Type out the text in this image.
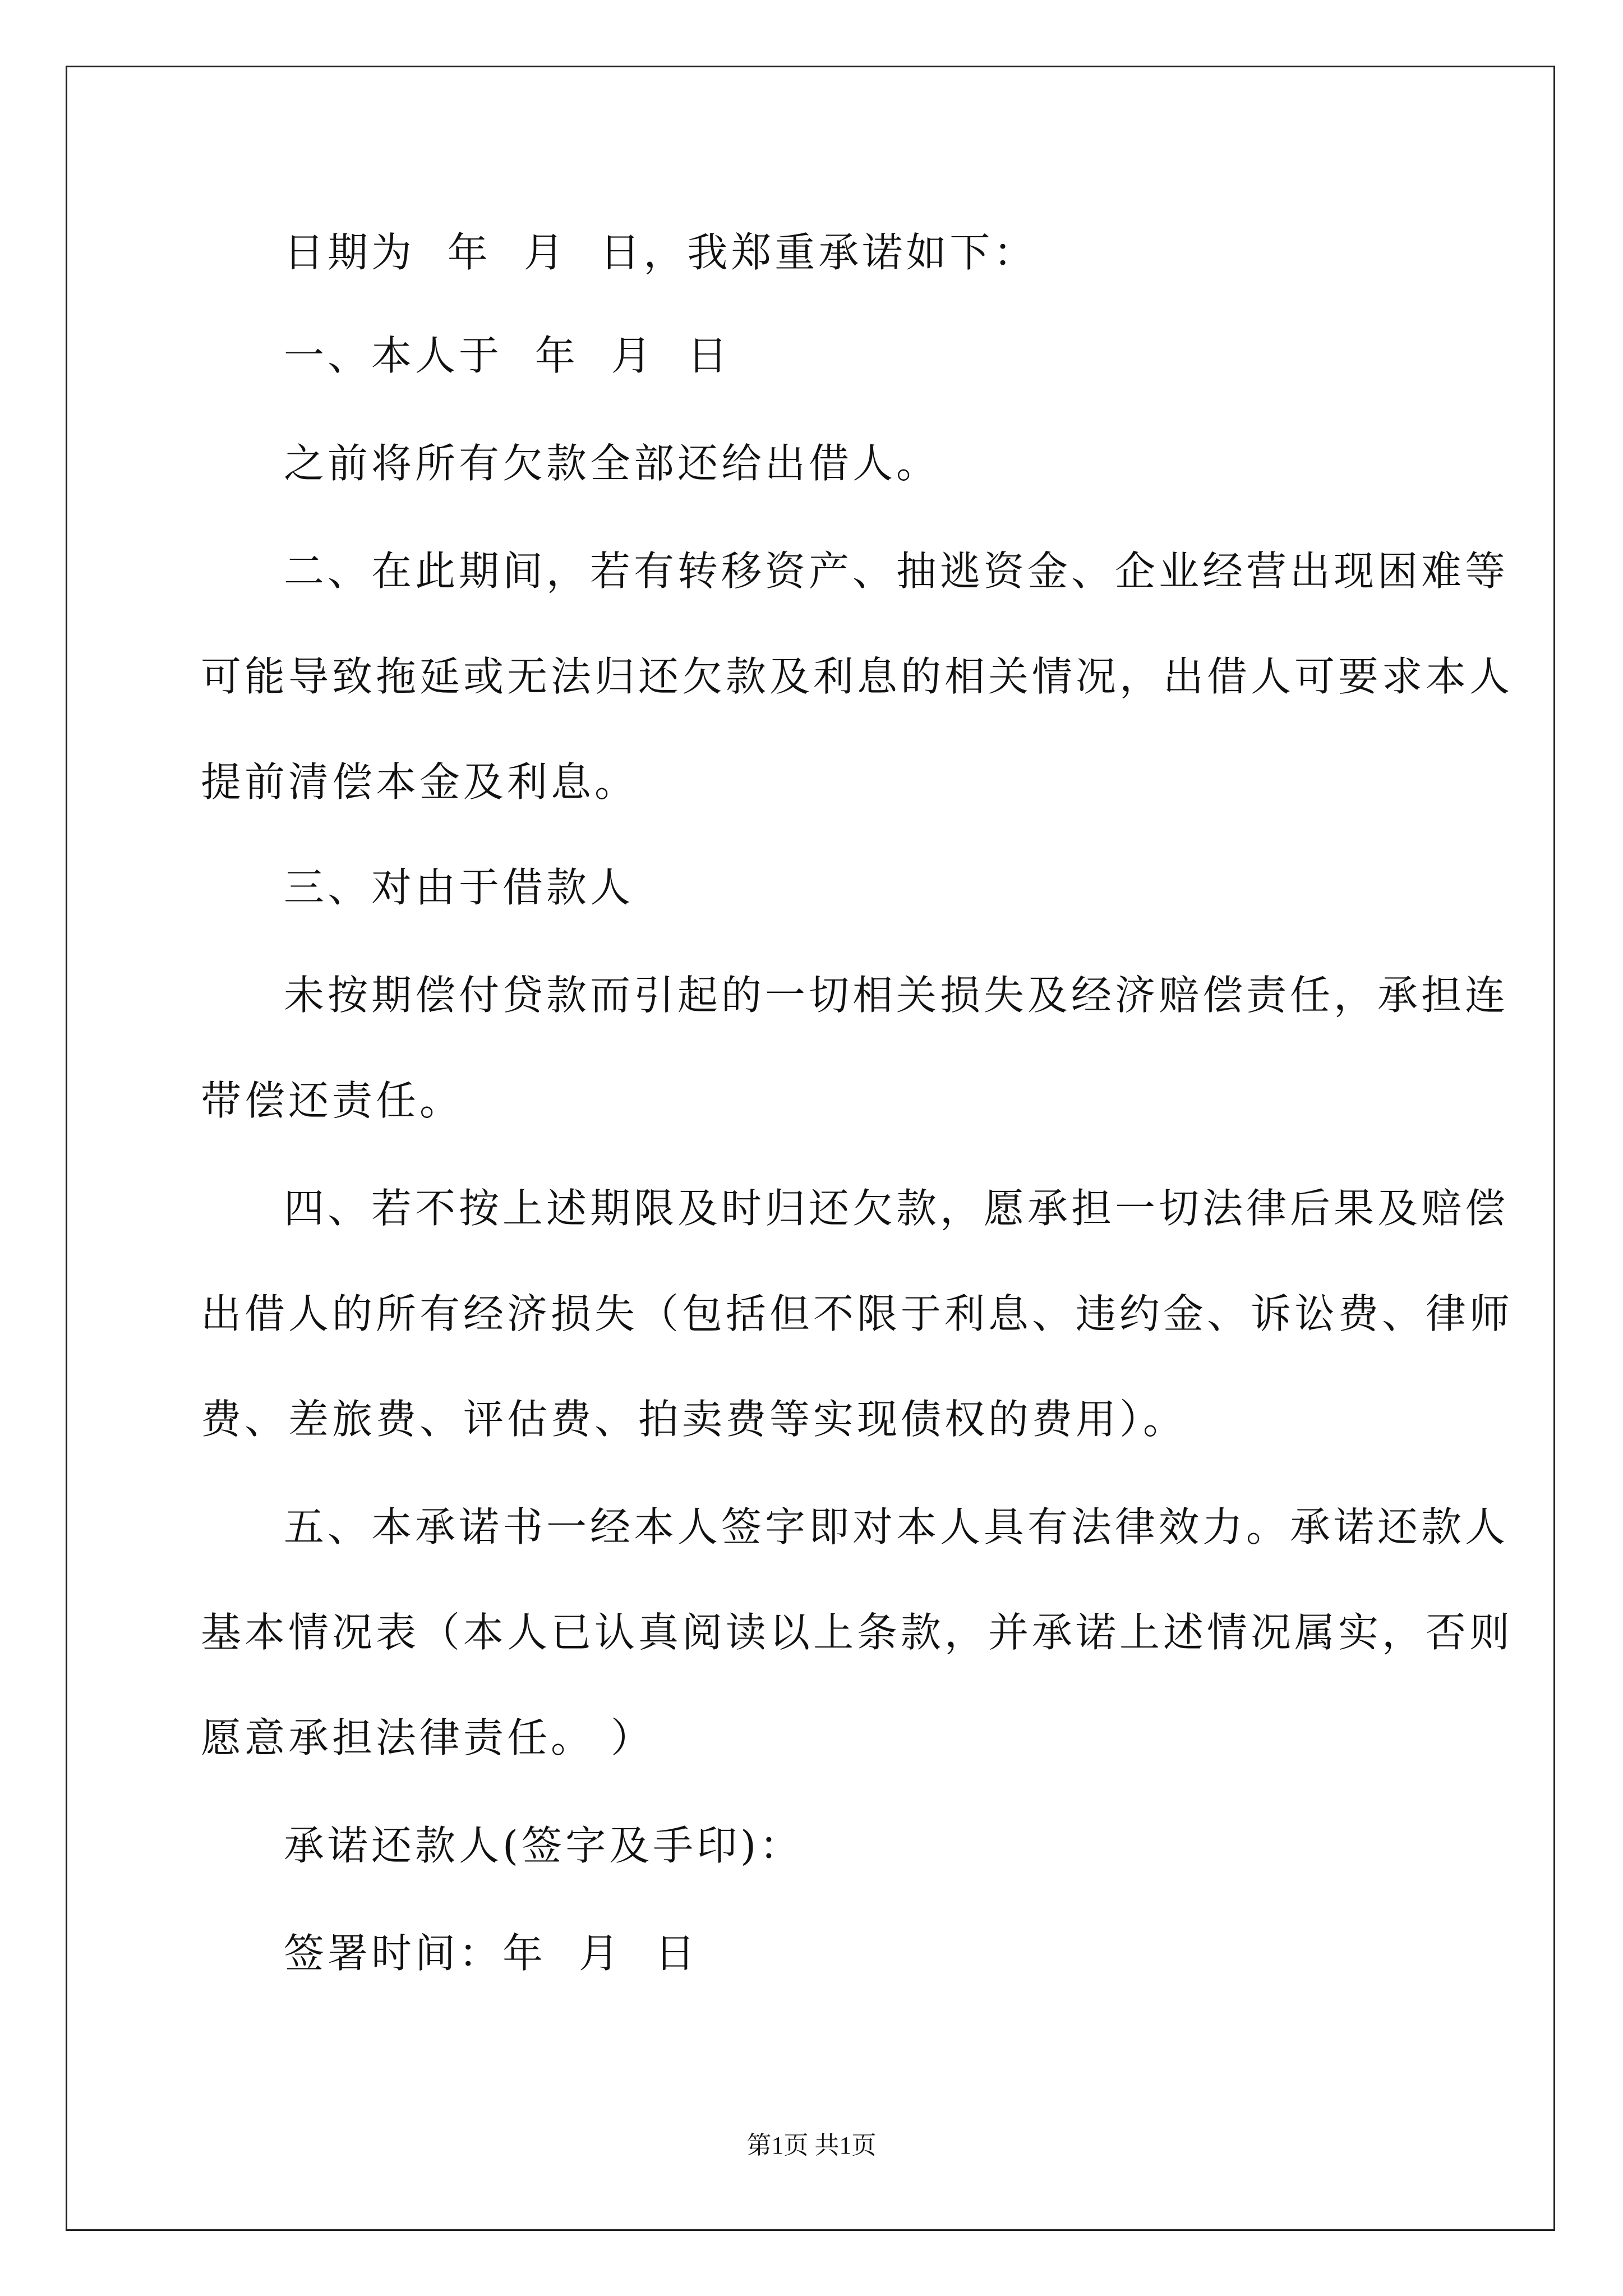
日期为  年  月  日，我郑重承诺如下：
一、本人于  年  月  日
之前将所有欠款全部还给出借人。
二、在此期间，若有转移资产、抽逃资金、企业经营出现困难等
可能导致拖延或无法归还欠款及利息的相关情况，出借人可要求本人
提前清偿本金及利息。
三、对由于借款人
未按期偿付贷款而引起的一切相关损失及经济赔偿责任，承担连
带偿还责任。
四、若不按上述期限及时归还欠款，愿承担一切法律后果及赔偿
出借人的所有经济损失（包括但不限于利息、违约金、诉讼费、律师
费、差旅费、评估费、拍卖费等实现债权的费用）。
五、本承诺书一经本人签字即对本人具有法律效力。承诺还款人
基本情况表（本人已认真阅读以上条款，并承诺上述情况属实，否则
愿意承担法律责任。 ）
承诺还款人(签字及手印)：
签署时间：年  月  日
第1页 共1页
